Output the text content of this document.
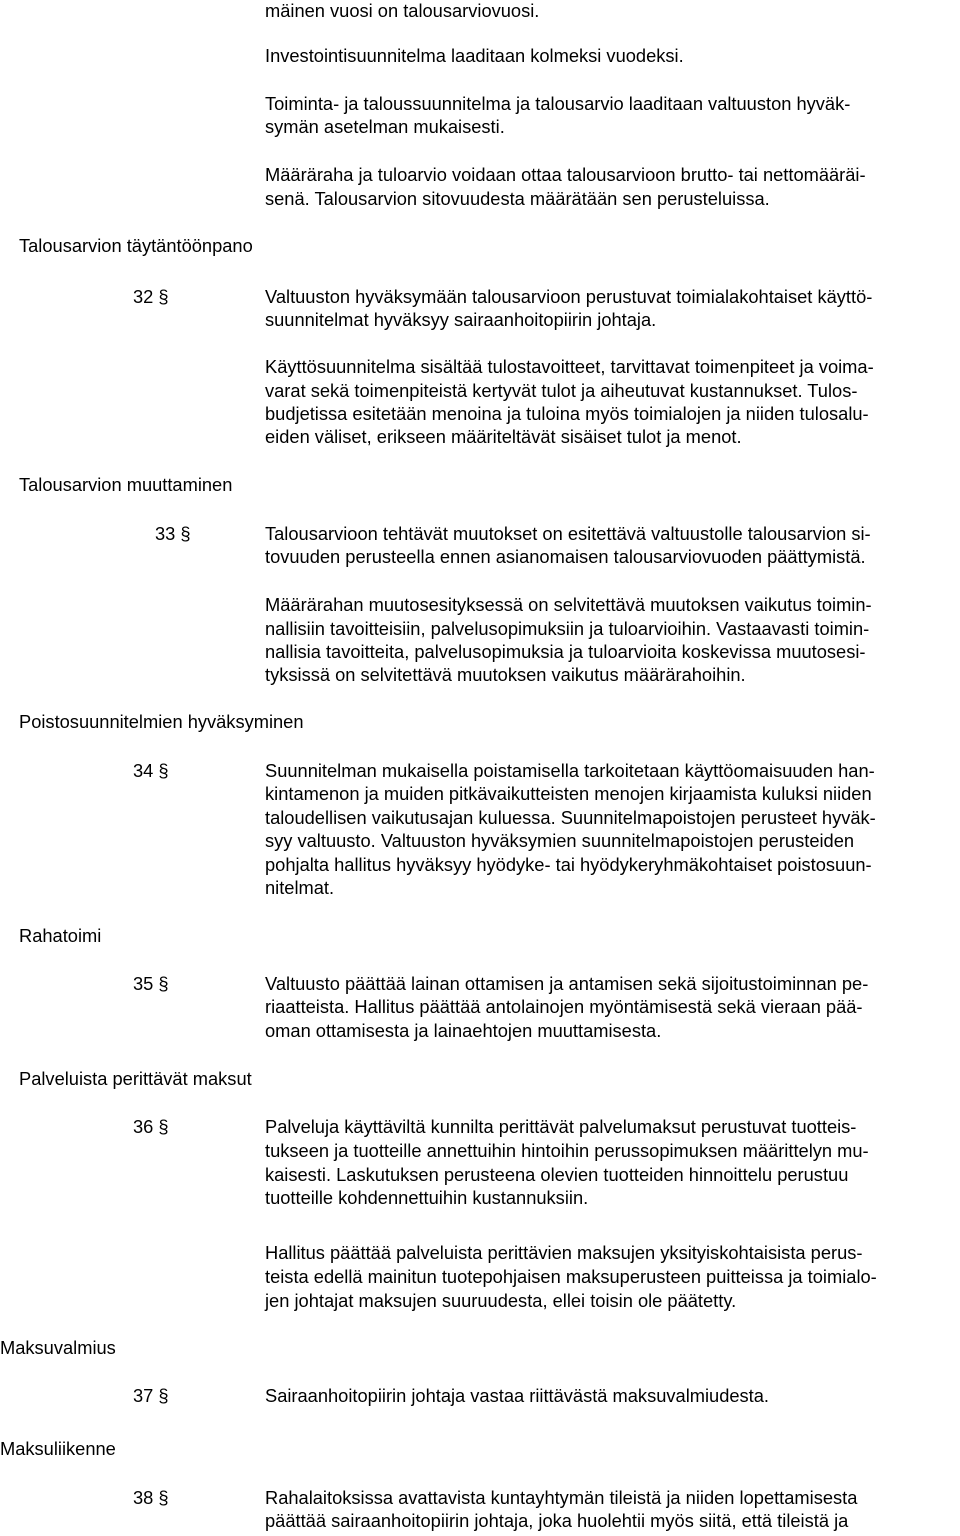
mäinen vuosi on talousarviovuosi.
Investointisuunnitelma laaditaan kolmeksi vuodeksi.
Toiminta- ja taloussuunnitelma ja talousarvio laaditaan valtuuston hyväk-
symän asetelman mukaisesti.
Määräraha ja tuloarvio voidaan ottaa talousarvioon brutto- tai nettomääräi-
senä. Talousarvion sitovuudesta määrätään sen perusteluissa.
Talousarvion täytäntöönpano
32 §	Valtuuston hyväksymään talousarvioon perustuvat toimialakohtaiset käyttö-
suunnitelmat hyväksyy sairaanhoitopiirin johtaja.
Käyttösuunnitelma sisältää tulostavoitteet, tarvittavat toimenpiteet ja voima-
varat sekä toimenpiteistä kertyvät tulot ja aiheutuvat kustannukset. Tulos-
budjetissa esitetään menoina ja tuloina myös toimialojen ja niiden tulosalu-
eiden väliset, erikseen määriteltävät sisäiset tulot ja menot.
Talousarvion muuttaminen
33 §	Talousarvioon tehtävät muutokset on esitettävä valtuustolle talousarvion si-
tovuuden perusteella ennen asianomaisen talousarviovuoden päättymistä.
Määrärahan muutosesityksessä on selvitettävä muutoksen vaikutus toimin-
nallisiin tavoitteisiin, palvelusopimuksiin ja tuloarvioihin. Vastaavasti toimin-
nallisia tavoitteita, palvelusopimuksia ja tuloarvioita koskevissa muutosesi-
tyksissä on selvitettävä muutoksen vaikutus määrärahoihin.
Poistosuunnitelmien hyväksyminen
34 §	Suunnitelman mukaisella poistamisella tarkoitetaan käyttöomaisuuden han-
kintamenon ja muiden pitkävaikutteisten menojen kirjaamista kuluksi niiden
taloudellisen vaikutusajan kuluessa. Suunnitelmapoistojen perusteet hyväk-
syy valtuusto. Valtuuston hyväksymien suunnitelmapoistojen perusteiden
pohjalta hallitus hyväksyy hyödyke- tai hyödykeryhmäkohtaiset poistosuun-
nitelmat.
Rahatoimi
35 §	Valtuusto päättää lainan ottamisen ja antamisen sekä sijoitustoiminnan pe-
riaatteista. Hallitus päättää antolainojen myöntämisestä sekä vieraan pää-
oman ottamisesta ja lainaehtojen muuttamisesta.
Palveluista perittävät maksut
36 §	Palveluja käyttäviltä kunnilta perittävät palvelumaksut perustuvat tuotteis-
tukseen ja tuotteille annettuihin hintoihin perussopimuksen määrittelyn mu-
kaisesti. Laskutuksen perusteena olevien tuotteiden hinnoittelu perustuu
tuotteille kohdennettuihin kustannuksiin.
Hallitus päättää palveluista perittävien maksujen yksityiskohtaisista perus-
teista edellä mainitun tuotepohjaisen maksuperusteen puitteissa ja toimialo-
jen johtajat maksujen suuruudesta, ellei toisin ole päätetty.
Maksuvalmius
37 §	Sairaanhoitopiirin johtaja vastaa riittävästä maksuvalmiudesta.
Maksuliikenne
38 §	Rahalaitoksissa avattavista kuntayhtymän tileistä ja niiden lopettamisesta
päättää sairaanhoitopiirin johtaja, joka huolehtii myös siitä, että tileistä ja
